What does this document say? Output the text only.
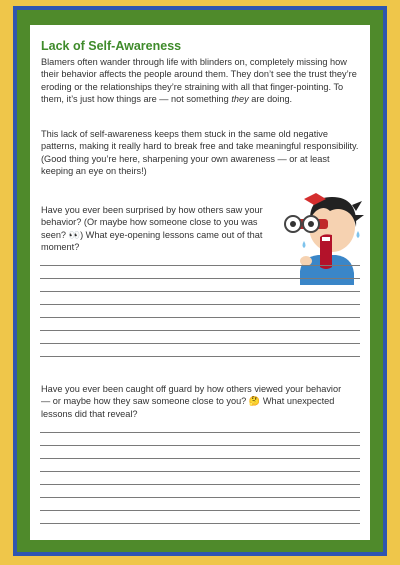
Lack of Self-Awareness

Blamers often wander through life with blinders on, completely missing how their behavior affects the people around them. They don’t see the trust they’re eroding or the relationships they’re straining with all that finger-pointing. To them, it’s just how things are — not something they are doing.

This lack of self-awareness keeps them stuck in the same old negative patterns, making it really hard to break free and take meaningful responsibility. (Good thing you’re here, sharpening your own awareness — or at least keeping an eye on theirs!)

Have you ever been surprised by how others saw your behavior? (Or maybe how someone close to you was seen? 👀) What eye-opening lessons came out of that moment?

Have you ever been caught off guard by how others viewed your behavior — or maybe how they saw someone close to you? 🤔 What unexpected lessons did that reveal?
